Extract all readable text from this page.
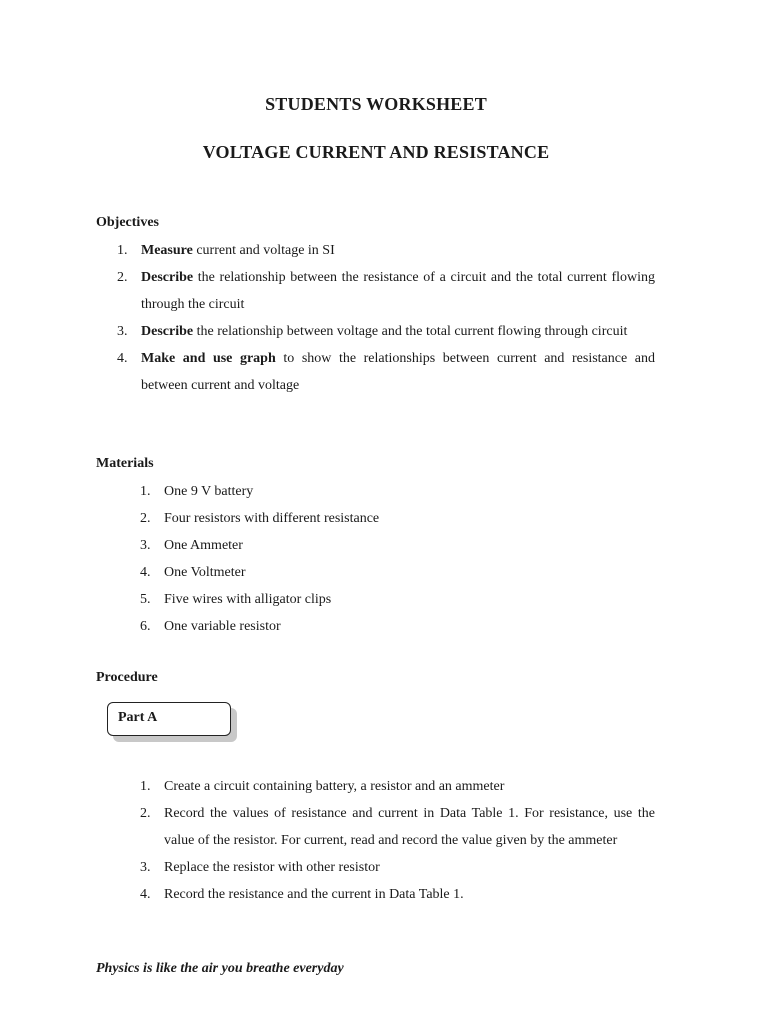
STUDENTS WORKSHEET
VOLTAGE CURRENT AND RESISTANCE
Objectives
1. Measure current and voltage in SI
2. Describe the relationship between the resistance of a circuit and the total current flowing through the circuit
3. Describe the relationship between voltage and the total current flowing through circuit
4. Make and use graph to show the relationships between current and resistance and between current and voltage
Materials
1. One 9 V battery
2. Four resistors with different resistance
3. One Ammeter
4. One Voltmeter
5. Five wires with alligator clips
6. One variable resistor
Procedure
Part A
1. Create a circuit containing battery, a resistor and an ammeter
2. Record the values of resistance and current in Data Table 1. For resistance, use the value of the resistor. For current, read and record the value given by the ammeter
3. Replace the resistor with other resistor
4. Record the resistance and the current in Data Table 1.
Physics is like the air you breathe everyday
